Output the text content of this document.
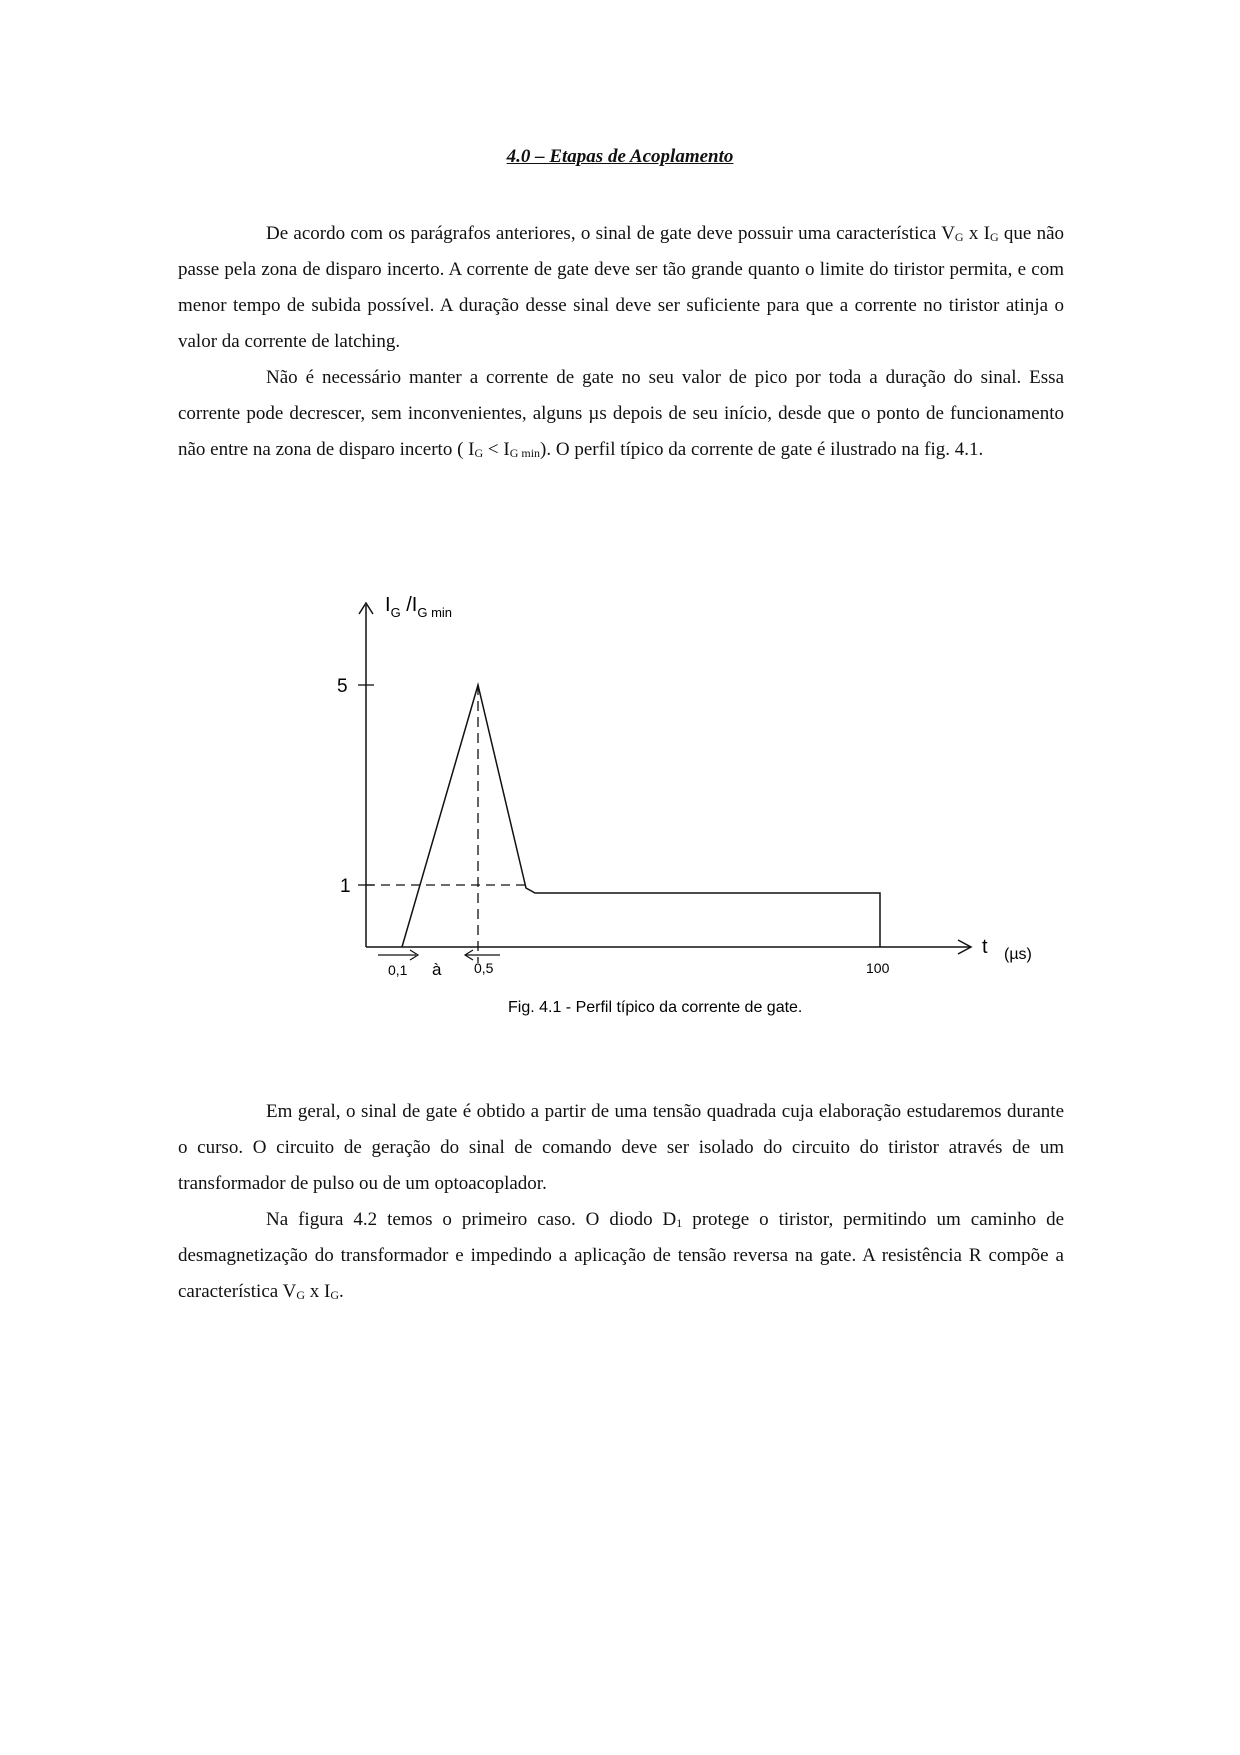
4.0 – Etapas de Acoplamento

De acordo com os parágrafos anteriores, o sinal de gate deve possuir uma característica $V_G$ x $I_G$ que não passe pela zona de disparo incerto. A corrente de gate deve ser tão grande quanto o limite do tiristor permita, e com menor tempo de subida possível. A duração desse sinal deve ser suficiente para que a corrente no tiristor atinja o valor da corrente de latching.

Não é necessário manter a corrente de gate no seu valor de pico por toda a duração do sinal. Essa corrente pode decrescer, sem inconvenientes, alguns µs depois de seu início, desde que o ponto de funcionamento não entre na zona de disparo incerto ( $I_G < I_{G min}$). O perfil típico da corrente de gate é ilustrado na fig. 4.1.

$I_G$ $/I_{G min}$
t (µs)
5
1
0,1 à 0,5	100
Fig. 4.1 - Perfil típico da corrente de gate.

Em geral, o sinal de gate é obtido a partir de uma tensão quadrada cuja elaboração estudaremos durante o curso. O circuito de geração do sinal de comando deve ser isolado do circuito do tiristor através de um transformador de pulso ou de um optoacoplador.

Na figura 4.2 temos o primeiro caso. O diodo $D_1$ protege o tiristor, permitindo um caminho de desmagnetização do transformador e impedindo a aplicação de tensão reversa na gate. A resistência R compõe a característica $V_G$ x $I_G$.
